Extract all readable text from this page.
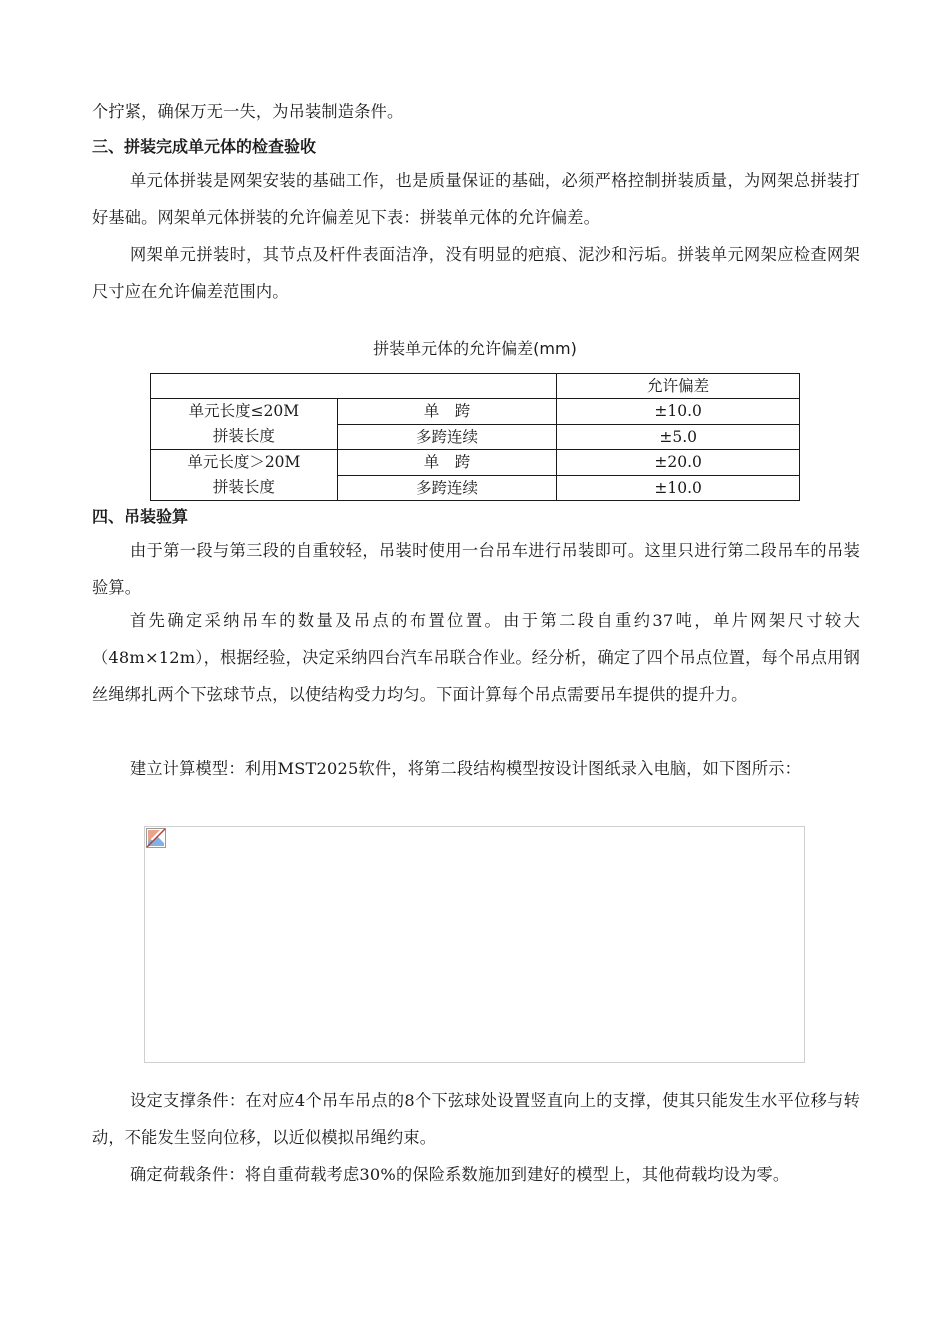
个拧紧，确保万无一失，为吊装制造条件。

三、拼装完成单元体的检查验收

单元体拼装是网架安装的基础工作，也是质量保证的基础，必须严格控制拼装质量，为网架总拼装打好基础。网架单元体拼装的允许偏差见下表：拼装单元体的允许偏差。

网架单元拼装时，其节点及杆件表面洁净，没有明显的疤痕、泥沙和污垢。拼装单元网架应检查网架尺寸应在允许偏差范围内。

拼装单元体的允许偏差(mm)
		允许偏差

单元长度≤20M
拼装长度	单　跨	±10.0
	多跨连续	±5.0

单元长度＞20M
拼装长度	单　跨	±20.0
	多跨连续	±10.0
四、吊装验算

由于第一段与第三段的自重较轻，吊装时使用一台吊车进行吊装即可。这里只进行第二段吊车的吊装验算。

首先确定采纳吊车的数量及吊点的布置位置。由于第二段自重约37吨，单片网架尺寸较大（48m×12m），根据经验，决定采纳四台汽车吊联合作业。经分析，确定了四个吊点位置，每个吊点用钢丝绳绑扎两个下弦球节点，以使结构受力均匀。下面计算每个吊点需要吊车提供的提升力。

建立计算模型：利用MST2025软件，将第二段结构模型按设计图纸录入电脑，如下图所示：

设定支撑条件：在对应4个吊车吊点的8个下弦球处设置竖直向上的支撑，使其只能发生水平位移与转动，不能发生竖向位移，以近似模拟吊绳约束。

确定荷载条件：将自重荷载考虑30%的保险系数施加到建好的模型上，其他荷载均设为零。
